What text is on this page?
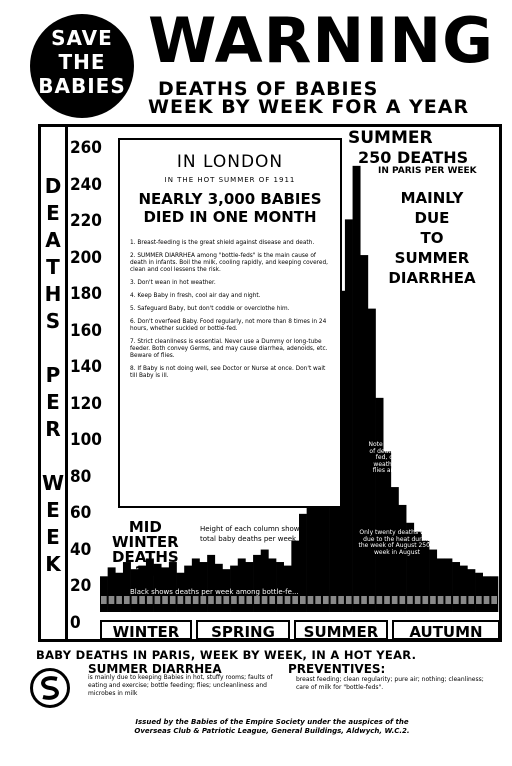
SAVE
THE
BABIES
WARNING
DEATHS OF BABIES
WEEK BY WEEK FOR A YEAR
D
E
A
T
H
S
P
E
R
W
E
E
K
260
240
220
200
180
160
140
120
100
80
60
40
20
0
IN LONDON
IN THE HOT SUMMER OF 1911
NEARLY 3,000 BABIES
DIED IN ONE MONTH
1. Breast-feeding is the great shield against disease and death.
2. SUMMER DIARRHEA among "bottle-feds" is the main cause of death in infants. Boil the milk, cooling rapidly, and keeping covered, clean and cool lessens the risk.
3. Don't wean in hot weather.
4. Keep Baby in fresh, cool air day and night.
5. Safeguard Baby, but don't coddle or overclothe him.
6. Don't overfeed Baby. Food regularly, not more than 8 times in 24 hours, whether suckled or bottle-fed.
7. Strict cleanliness is essential. Never use a Dummy or long-tube feeder. Both convey Germs, and may cause diarrhea, adenoids, etc. Beware of flies.
8. If Baby is not doing well, see Doctor or Nurse at once. Don't wait till Baby is ill.
SUMMER
250 DEATHS
IN PARIS PER WEEK
MAINLY DUE
TO
SUMMER
DIARRHEA
MID
WINTER
DEATHS
20
Height of each column shows
total baby deaths per week
Note enormous rise of deaths in bottle-fed, due to hot weather, germs, flies and spoiling milk
Only twenty deaths were due to the heat during the week of August 250 a week in August
Black shows deaths per week among bottle-fe...
WINTER	SPRING	SUMMER	AUTUMN
BABY DEATHS IN PARIS, WEEK BY WEEK, IN A HOT YEAR.
SUMMER DIARRHEA
is mainly due to keeping Babies in hot, stuffy rooms; faults of eating and exercise; bottle feeding; flies; uncleanliness and microbes in milk
PREVENTIVES:
breast feeding; clean regularity; pure air; nothing; cleanliness; care of milk for "bottle-feds".
Issued by the Babies of the Empire Society under the auspices of the
Overseas Club & Patriotic League, General Buildings, Aldwych, W.C.2.
